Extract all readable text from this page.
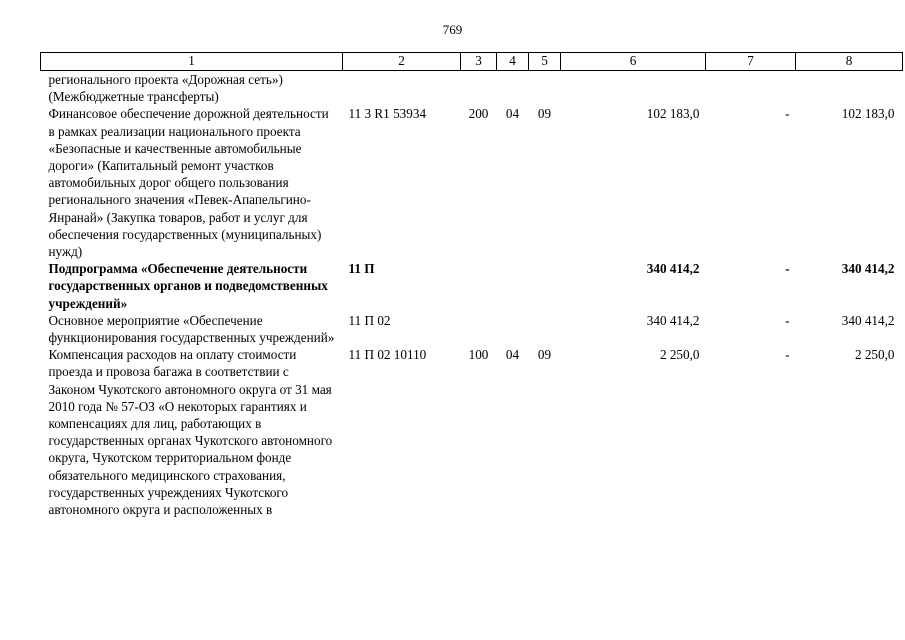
769
1	2	3	4	5	6	7	8
регионального проекта «Дорожная сеть») (Межбюджетные трансферты)							
Финансовое обеспечение дорожной деятельности в рамках реализации национального проекта «Безопасные и качественные автомобильные дороги» (Капитальный ремонт участков автомобильных дорог общего пользования регионального значения «Певек-Апапельгино-Янранай» (Закупка товаров, работ и услуг для обеспечения государственных (муниципальных) нужд)	11 3 R1 53934	200	04	09	102 183,0	-	102 183,0
Подпрограмма «Обеспечение деятельности государственных органов и подведомственных учреждений»	11 П				340 414,2	-	340 414,2
Основное мероприятие «Обеспечение функционирования государственных учреждений»	11 П 02				340 414,2	-	340 414,2
Компенсация расходов на оплату стоимости проезда и провоза багажа в соответствии с Законом Чукотского автономного округа от 31 мая 2010 года № 57-ОЗ «О некоторых гарантиях и компенсациях для лиц, работающих в государственных органах Чукотского автономного округа, Чукотском территориальном фонде обязательного медицинского страхования, государственных учреждениях Чукотского автономного округа и расположенных в	11 П 02 10110	100	04	09	2 250,0	-	2 250,0
